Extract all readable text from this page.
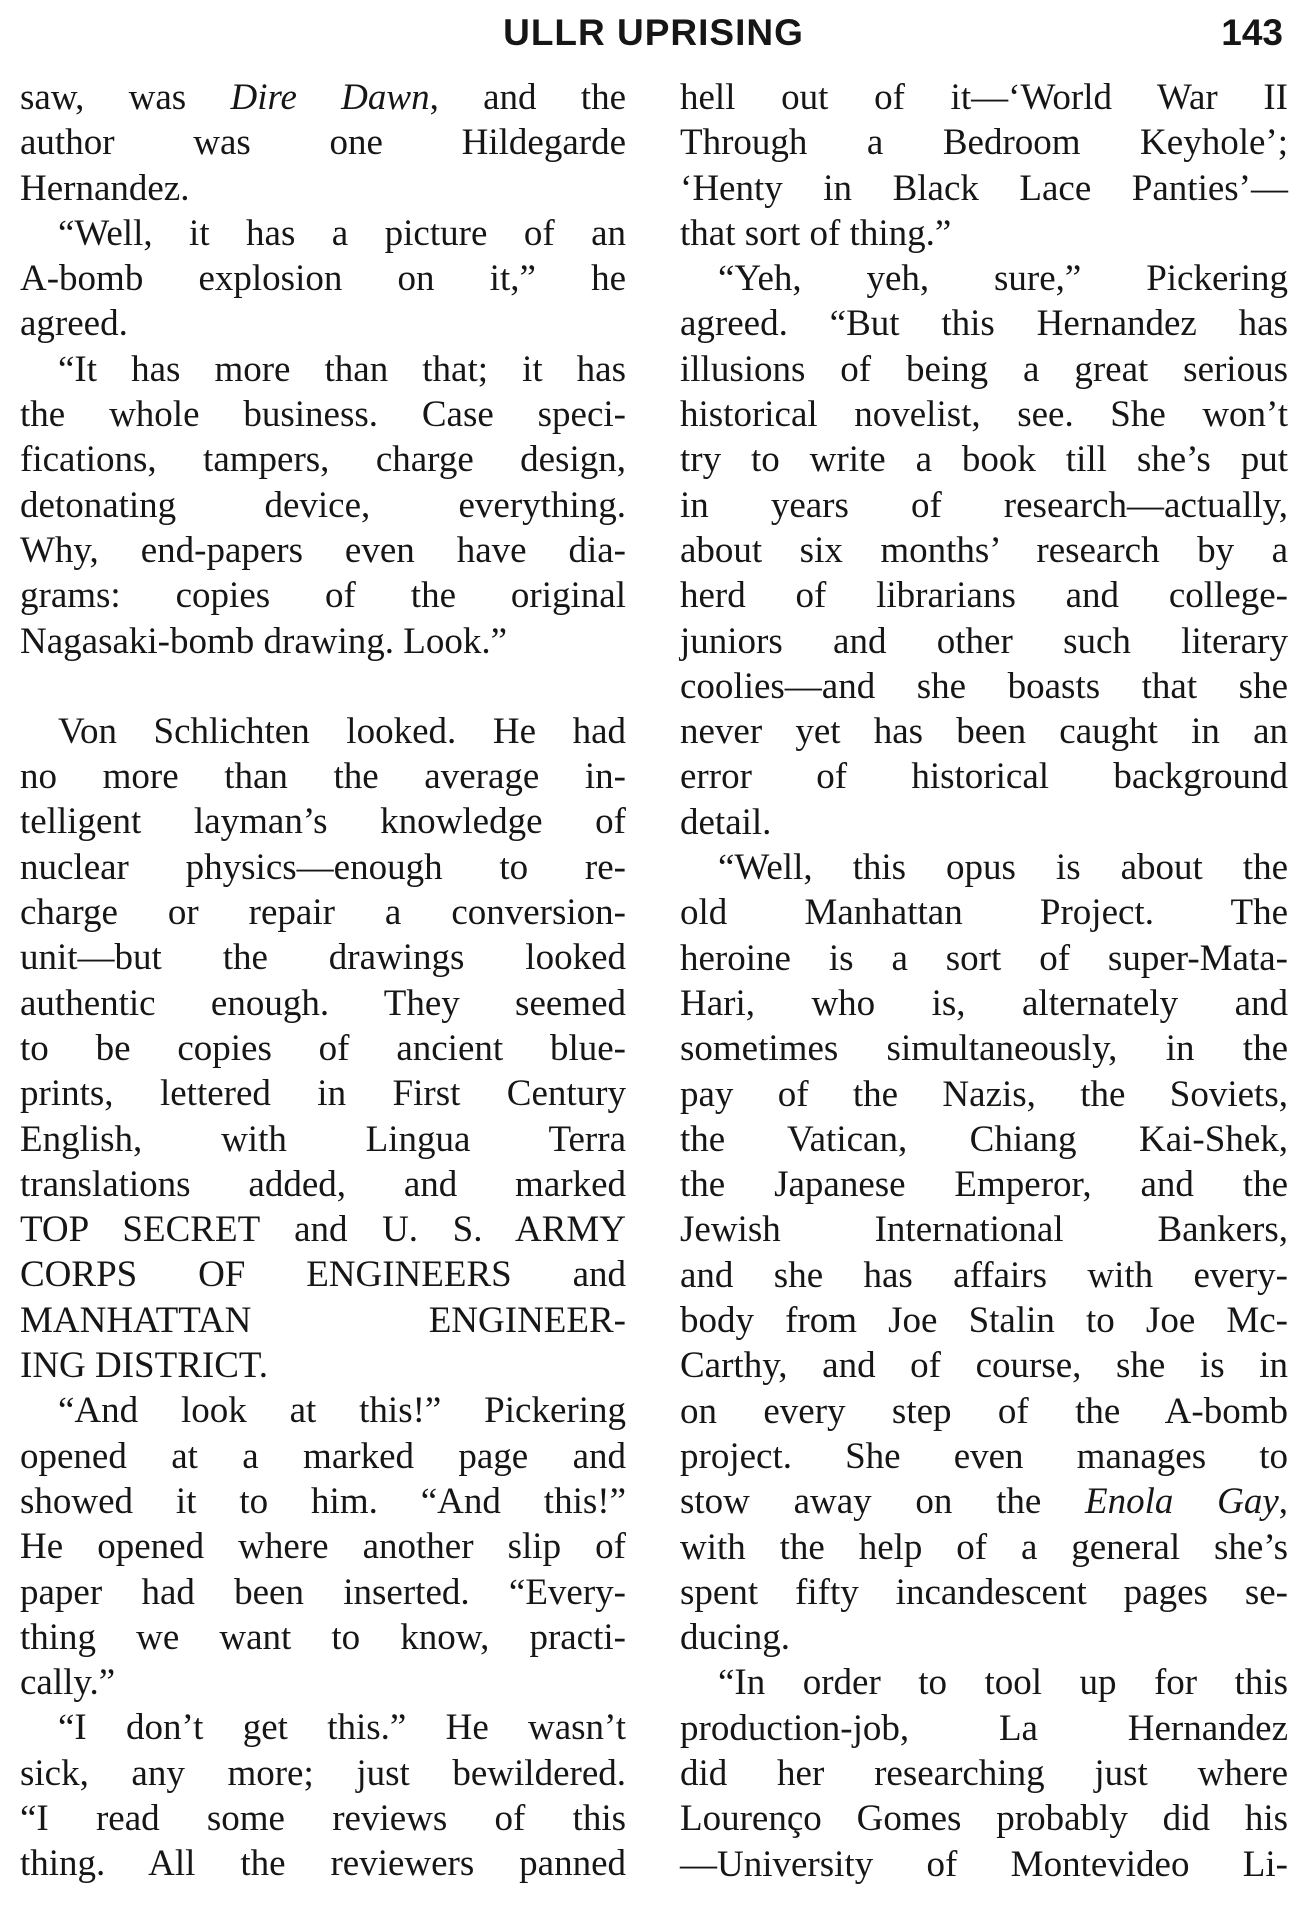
ULLR UPRISING	143
saw, was Dire Dawn, and the
author was one Hildegarde
Hernandez.
“Well, it has a picture of an
A-bomb explosion on it,” he
agreed.
“It has more than that; it has
the whole business. Case speci-
fications, tampers, charge design,
detonating device, everything.
Why, end-papers even have dia-
grams: copies of the original
Nagasaki-bomb drawing. Look.”
Von Schlichten looked. He had
no more than the average in-
telligent layman’s knowledge of
nuclear physics—enough to re-
charge or repair a conversion-
unit—but the drawings looked
authentic enough. They seemed
to be copies of ancient blue-
prints, lettered in First Century
English, with Lingua Terra
translations added, and marked
TOP SECRET and U. S. ARMY
CORPS OF ENGINEERS and
MANHATTAN ENGINEER-
ING DISTRICT.
“And look at this!” Pickering
opened at a marked page and
showed it to him. “And this!”
He opened where another slip of
paper had been inserted. “Every-
thing we want to know, practi-
cally.”
“I don’t get this.” He wasn’t
sick, any more; just bewildered.
“I read some reviews of this
thing. All the reviewers panned
hell out of it—‘World War II
Through a Bedroom Keyhole’;
‘Henty in Black Lace Panties’—
that sort of thing.”
“Yeh, yeh, sure,” Pickering
agreed. “But this Hernandez has
illusions of being a great serious
historical novelist, see. She won’t
try to write a book till she’s put
in years of research—actually,
about six months’ research by a
herd of librarians and college-
juniors and other such literary
coolies—and she boasts that she
never yet has been caught in an
error of historical background
detail.
“Well, this opus is about the
old Manhattan Project. The
heroine is a sort of super-Mata-
Hari, who is, alternately and
sometimes simultaneously, in the
pay of the Nazis, the Soviets,
the Vatican, Chiang Kai-Shek,
the Japanese Emperor, and the
Jewish International Bankers,
and she has affairs with every-
body from Joe Stalin to Joe Mc-
Carthy, and of course, she is in
on every step of the A-bomb
project. She even manages to
stow away on the Enola Gay,
with the help of a general she’s
spent fifty incandescent pages se-
ducing.
“In order to tool up for this
production-job, La Hernandez
did her researching just where
Lourenço Gomes probably did his
—University of Montevideo Li-
